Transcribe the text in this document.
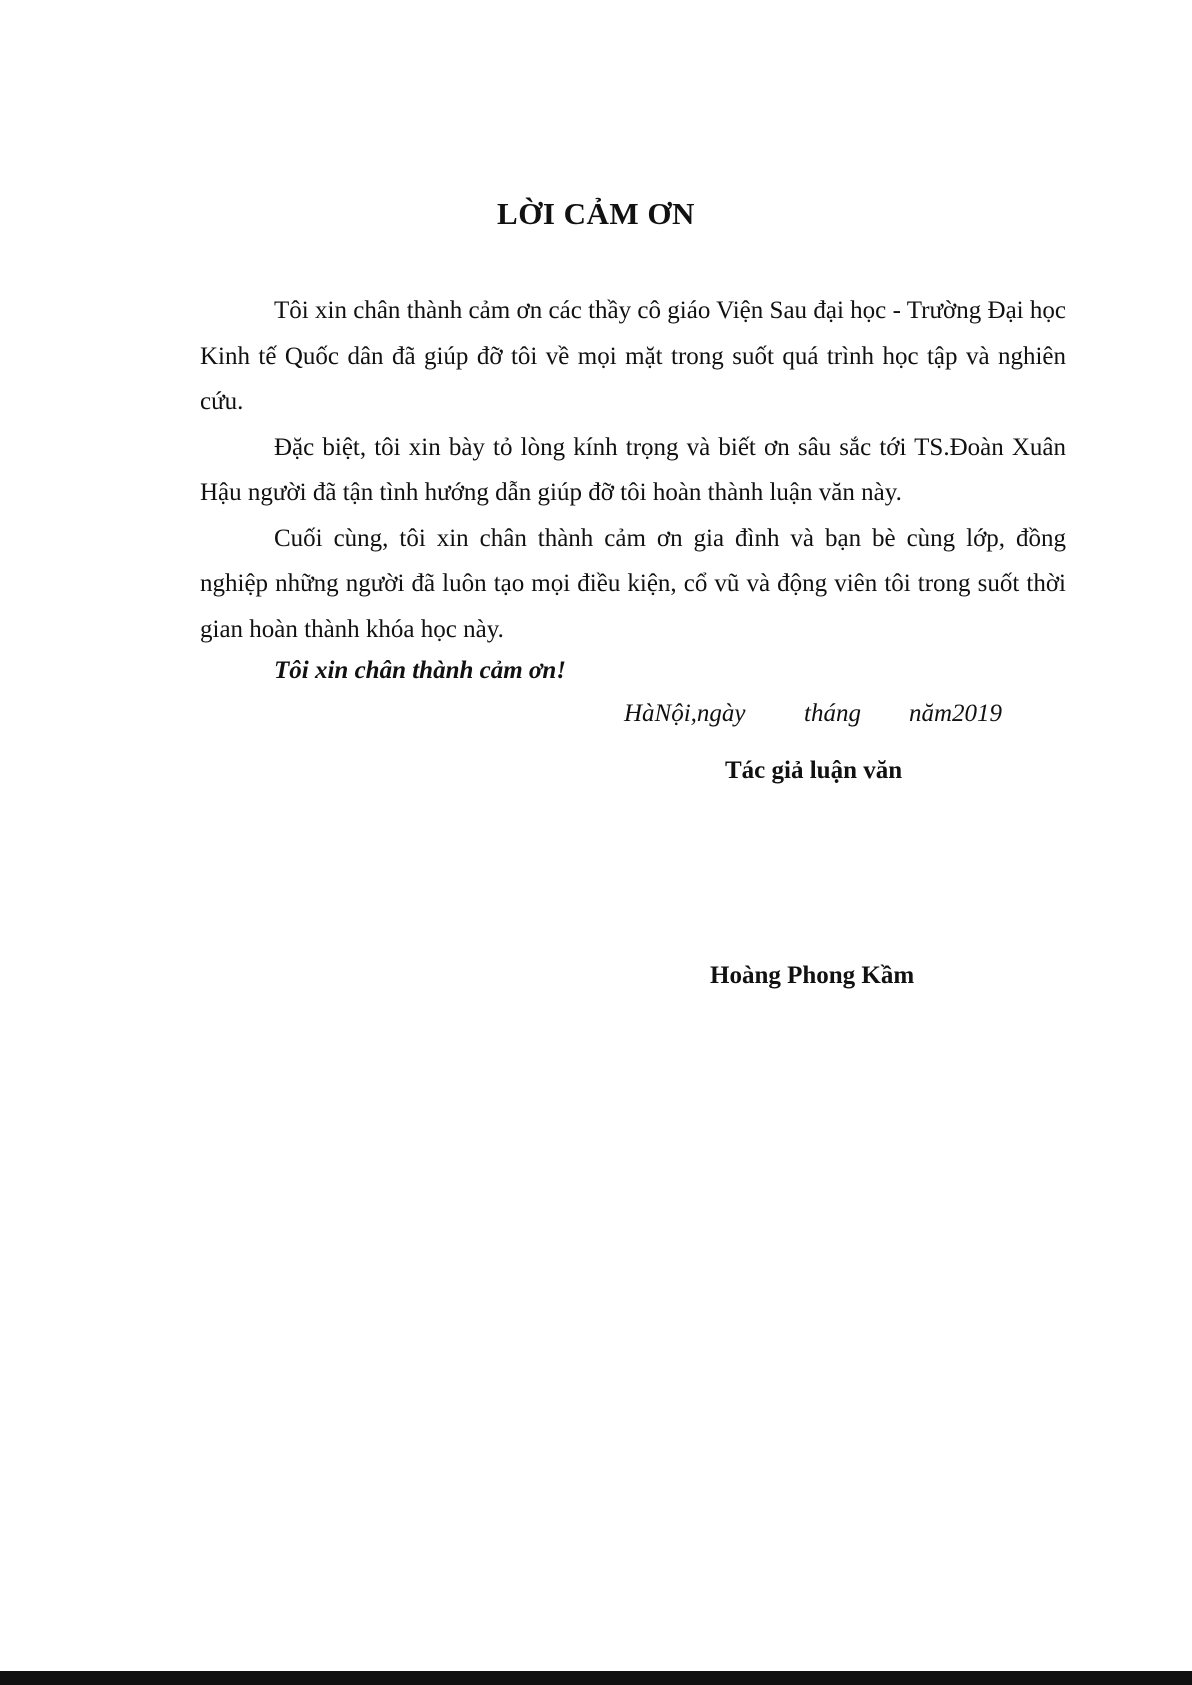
LỜI CẢM ƠN

Tôi xin chân thành cảm ơn các thầy cô giáo Viện Sau đại học - Trường Đại học Kinh tế Quốc dân đã giúp đỡ tôi về mọi mặt trong suốt quá trình học tập và nghiên cứu.

Đặc biệt, tôi xin bày tỏ lòng kính trọng và biết ơn sâu sắc tới TS.Đoàn Xuân Hậu người đã tận tình hướng dẫn giúp đỡ tôi hoàn thành luận văn này.

Cuối cùng, tôi xin chân thành cảm ơn gia đình và bạn bè cùng lớp, đồng nghiệp những người đã luôn tạo mọi điều kiện, cổ vũ và động viên tôi trong suốt thời gian hoàn thành khóa học này.

Tôi xin chân thành cảm ơn!
HàNội,ngày tháng năm2019
Tác giả luận văn
Hoàng Phong Kầm
